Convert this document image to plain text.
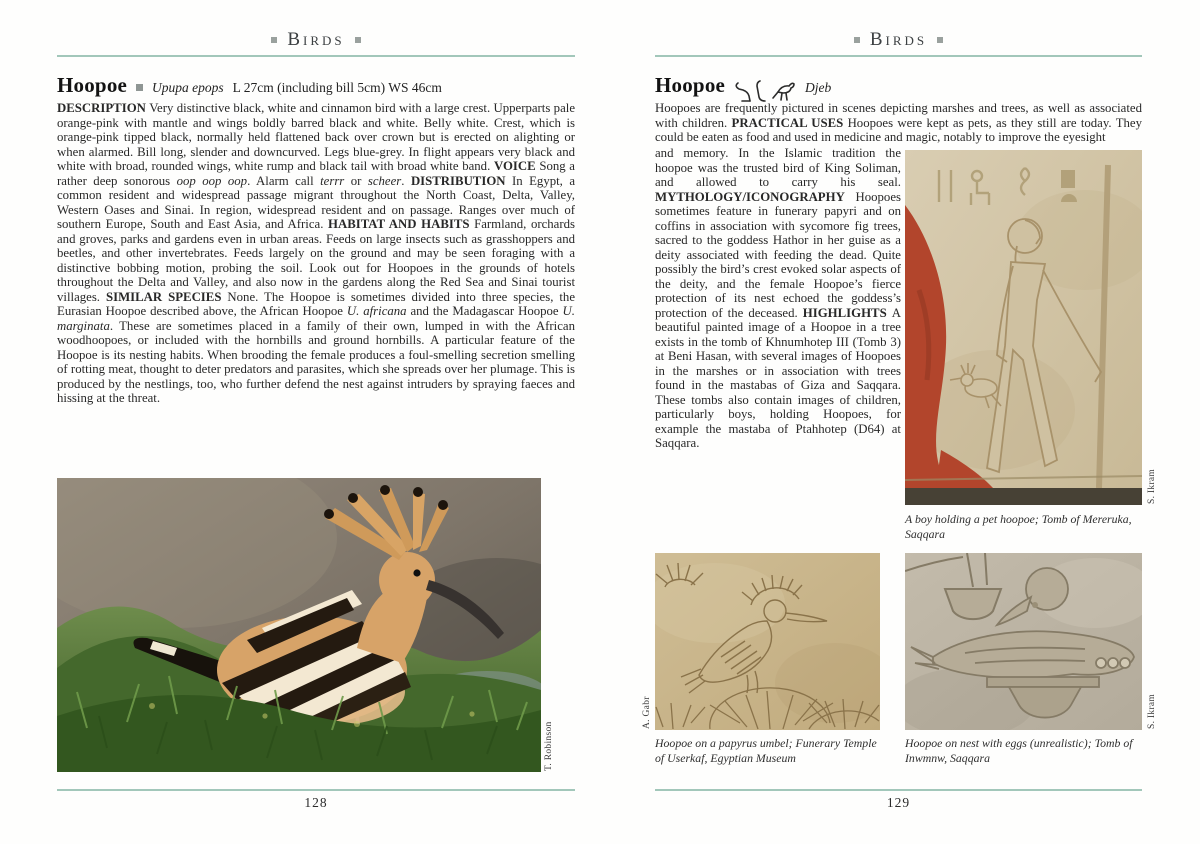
Birds
Hoopoe Upupa epops L 27cm (including bill 5cm) WS 46cm
DESCRIPTION Very distinctive black, white and cinnamon bird with a large crest. Upperparts pale orange-pink with mantle and wings boldly barred black and white. Belly white. Crest, which is orange-pink tipped black, normally held flattened back over crown but is erected on alighting or when alarmed. Bill long, slender and downcurved. Legs blue-grey. In flight appears very black and white with broad, rounded wings, white rump and black tail with broad white band. VOICE Song a rather deep sonorous oop oop oop. Alarm call terrr or scheer. DISTRIBUTION In Egypt, a common resident and widespread passage migrant throughout the North Coast, Delta, Valley, Western Oases and Sinai. In region, widespread resident and on passage. Ranges over much of southern Europe, South and East Asia, and Africa. HABITAT AND HABITS Farmland, orchards and groves, parks and gardens even in urban areas. Feeds on large insects such as grasshoppers and beetles, and other invertebrates. Feeds largely on the ground and may be seen foraging with a distinctive bobbing motion, probing the soil. Look out for Hoopoes in the grounds of hotels throughout the Delta and Valley, and also now in the gardens along the Red Sea and Sinai tourist villages. SIMILAR SPECIES None. The Hoopoe is sometimes divided into three species, the Eurasian Hoopoe described above, the African Hoopoe U. africana and the Madagascar Hoopoe U. marginata. These are sometimes placed in a family of their own, lumped in with the African woodhoopoes, or included with the hornbills and ground hornbills. A particular feature of the Hoopoe is its nesting habits. When brooding the female produces a foul-smelling secretion smelling of rotting meat, thought to deter predators and parasites, which she spreads over her plumage. This is produced by the nestlings, too, who further defend the nest against intruders by spraying faeces and hissing at the threat.
T. Robinson
128
Birds
Hoopoe	Djeb
Hoopoes are frequently pictured in scenes depicting marshes and trees, as well as associated with children. PRACTICAL USES Hoopoes were kept as pets, as they still are today. They could be eaten as food and used in medicine and magic, notably to improve the eyesight
and memory. In the Islamic tradition the hoopoe was the trusted bird of King Soliman, and allowed to carry his seal. MYTHOLOGY/ICONOGRAPHY Hoopoes sometimes feature in funerary papyri and on coffins in association with sycomore fig trees, sacred to the goddess Hathor in her guise as a deity associated with feeding the dead. Quite possibly the bird’s crest evoked solar aspects of the deity, and the female Hoopoe’s fierce protection of its nest echoed the goddess’s protection of the deceased. HIGHLIGHTS A beautiful painted image of a Hoopoe in a tree exists in the tomb of Khnumhotep III (Tomb 3) at Beni Hasan, with several images of Hoopoes in the marshes or in association with trees found in the mastabas of Giza and Saqqara. These tombs also contain images of children, particularly boys, holding Hoopoes, for example the mastaba of Ptahhotep (D64) at Saqqara.
S. Ikram
A boy holding a pet hoopoe; Tomb of Mereruka, Saqqara
A. Gabr
Hoopoe on a papyrus umbel; Funerary Temple of Userkaf, Egyptian Museum
S. Ikram
Hoopoe on nest with eggs (unrealistic); Tomb of Inwmnw, Saqqara
129
